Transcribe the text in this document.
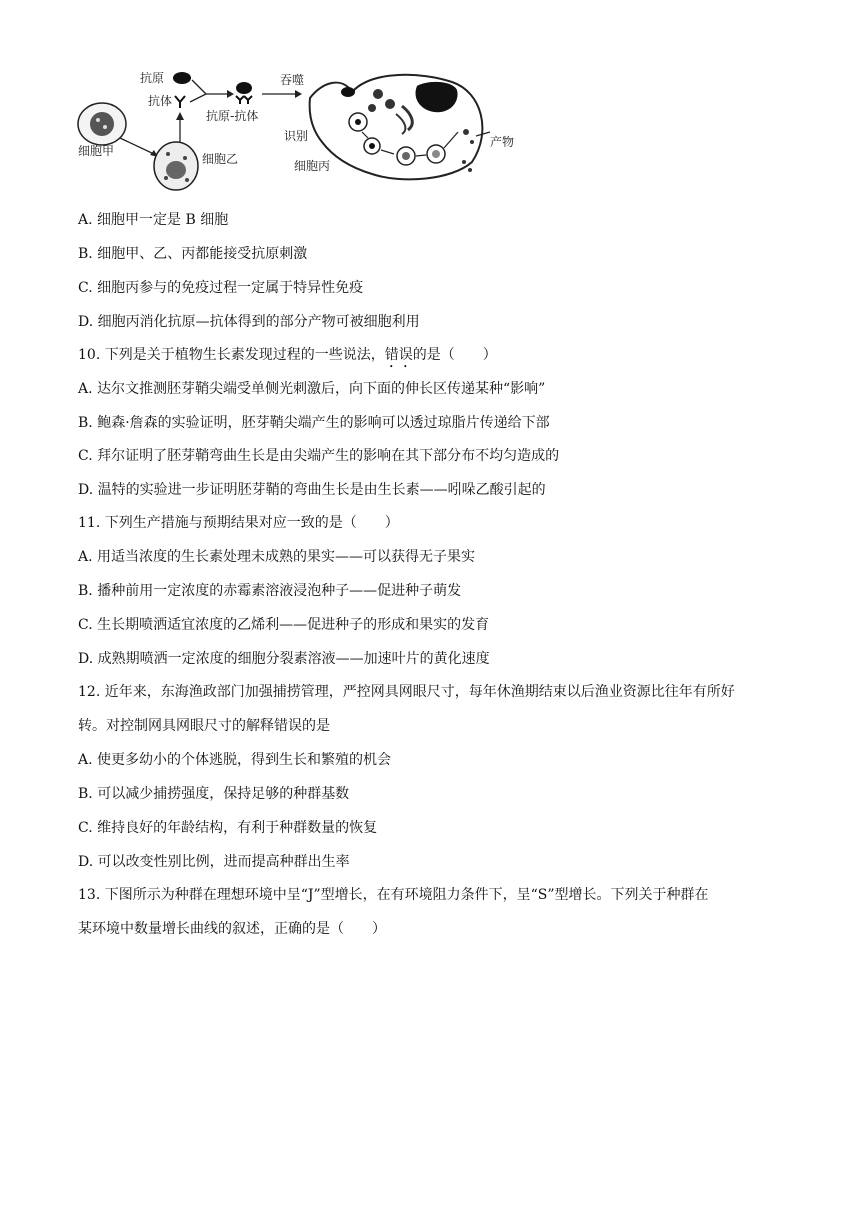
细胞甲
细胞乙
抗原
抗体
抗原-抗体
吞噬
识别
细胞丙
产物
A. 细胞甲一定是 B 细胞
B. 细胞甲、乙、丙都能接受抗原刺激
C. 细胞丙参与的免疫过程一定属于特异性免疫
D. 细胞丙消化抗原—抗体得到的部分产物可被细胞利用
10. 下列是关于植物生长素发现过程的一些说法，错误的是（　　）
A. 达尔文推测胚芽鞘尖端受单侧光刺激后，向下面的伸长区传递某种“影响”
B. 鲍森·詹森的实验证明，胚芽鞘尖端产生的影响可以透过琼脂片传递给下部
C. 拜尔证明了胚芽鞘弯曲生长是由尖端产生的影响在其下部分布不均匀造成的
D. 温特的实验进一步证明胚芽鞘的弯曲生长是由生长素——吲哚乙酸引起的
11. 下列生产措施与预期结果对应一致的是（　　）
A. 用适当浓度的生长素处理未成熟的果实——可以获得无子果实
B. 播种前用一定浓度的赤霉素溶液浸泡种子——促进种子萌发
C. 生长期喷洒适宜浓度的乙烯利——促进种子的形成和果实的发育
D. 成熟期喷洒一定浓度的细胞分裂素溶液——加速叶片的黄化速度
12. 近年来，东海渔政部门加强捕捞管理，严控网具网眼尺寸，每年休渔期结束以后渔业资源比往年有所好
转。对控制网具网眼尺寸的解释错误的是
A. 使更多幼小的个体逃脱，得到生长和繁殖的机会
B. 可以减少捕捞强度，保持足够的种群基数
C. 维持良好的年龄结构，有利于种群数量的恢复
D. 可以改变性别比例，进而提高种群出生率
13. 下图所示为种群在理想环境中呈“J”型增长，在有环境阻力条件下，呈“S”型增长。下列关于种群在
某环境中数量增长曲线的叙述，正确的是（　　）
